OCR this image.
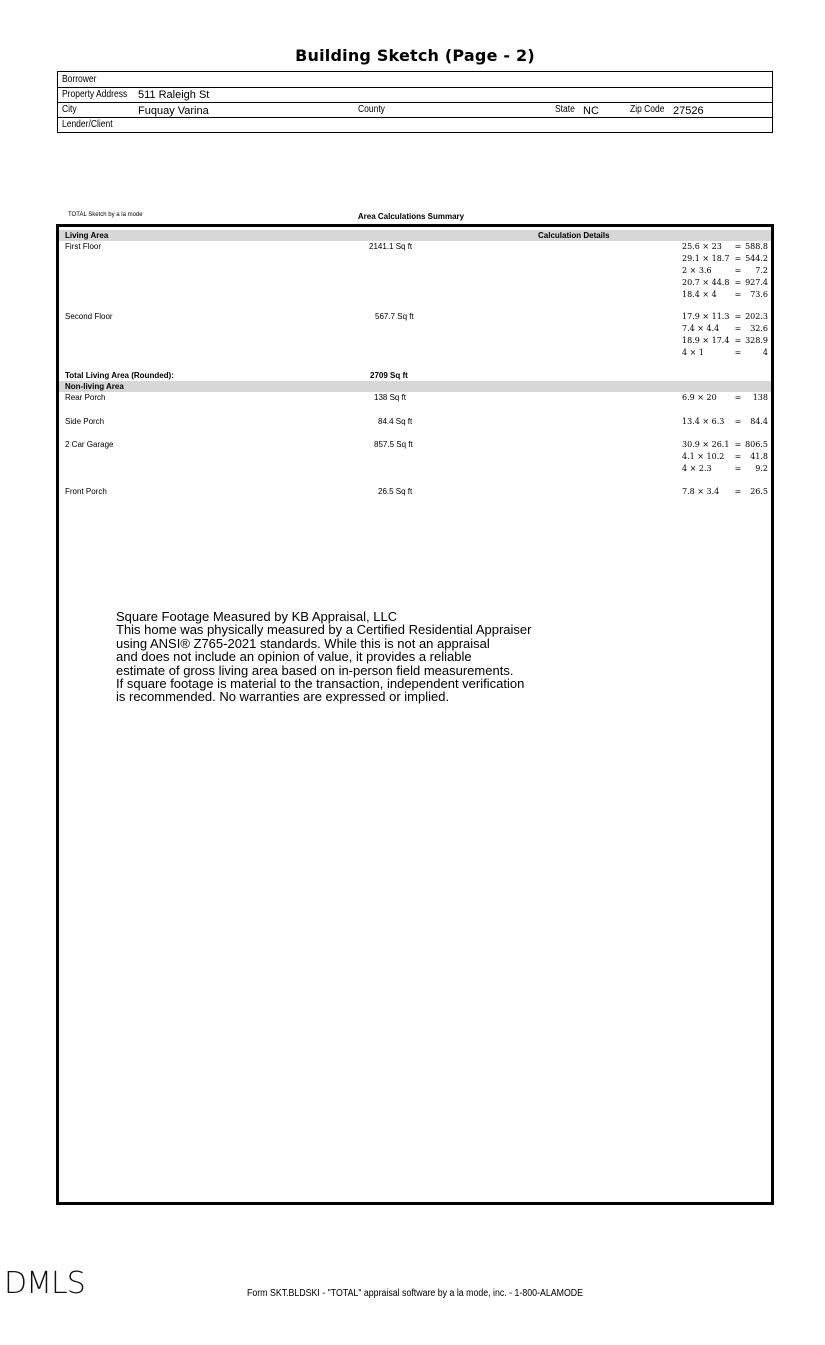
Building Sketch (Page - 2)
Borrower
Property Address 511 Raleigh St
City	Fuquay Varina	County	State NC	Zip Code 27526
Lender/Client
TOTAL Sketch by a la mode	Area Calculations Summary
Living Area	Calculation Details
First Floor	2141.1 Sq ft	25.6 × 23 = 588.8
29.1 × 18.7 = 544.2
2 × 3.6	= 7.2
20.7 × 44.8 = 927.4
18.4 × 4 = 73.6
Second Floor	567.7 Sq ft	17.9 × 11.3 = 202.3
7.4 × 4.4 = 32.6
18.9 × 17.4 = 328.9
4 × 1	=	4
Total Living Area (Rounded):	2709 Sq ft
Non-living Area
Rear Porch	138 Sq ft	6.9 × 20 = 138
Side Porch	84.4 Sq ft	13.4 × 6.3 = 84.4
2 Car Garage	857.5 Sq ft	30.9 × 26.1 = 806.5
4.1 × 10.2 = 41.8
4 × 2.3	= 9.2
Front Porch	26.5 Sq ft	7.8 × 3.4 = 26.5
Square Footage Measured by KB Appraisal, LLC
This home was physically measured by a Certified Residential Appraiser
using ANSI® Z765-2021 standards. While this is not an appraisal
and does not include an opinion of value, it provides a reliable
estimate of gross living area based on in-person field measurements.
If square footage is material to the transaction, independent verification
is recommended. No warranties are expressed or implied.
DMLS	Form SKT.BLDSKI - "TOTAL" appraisal software by a la mode, inc. - 1-800-ALAMODE
